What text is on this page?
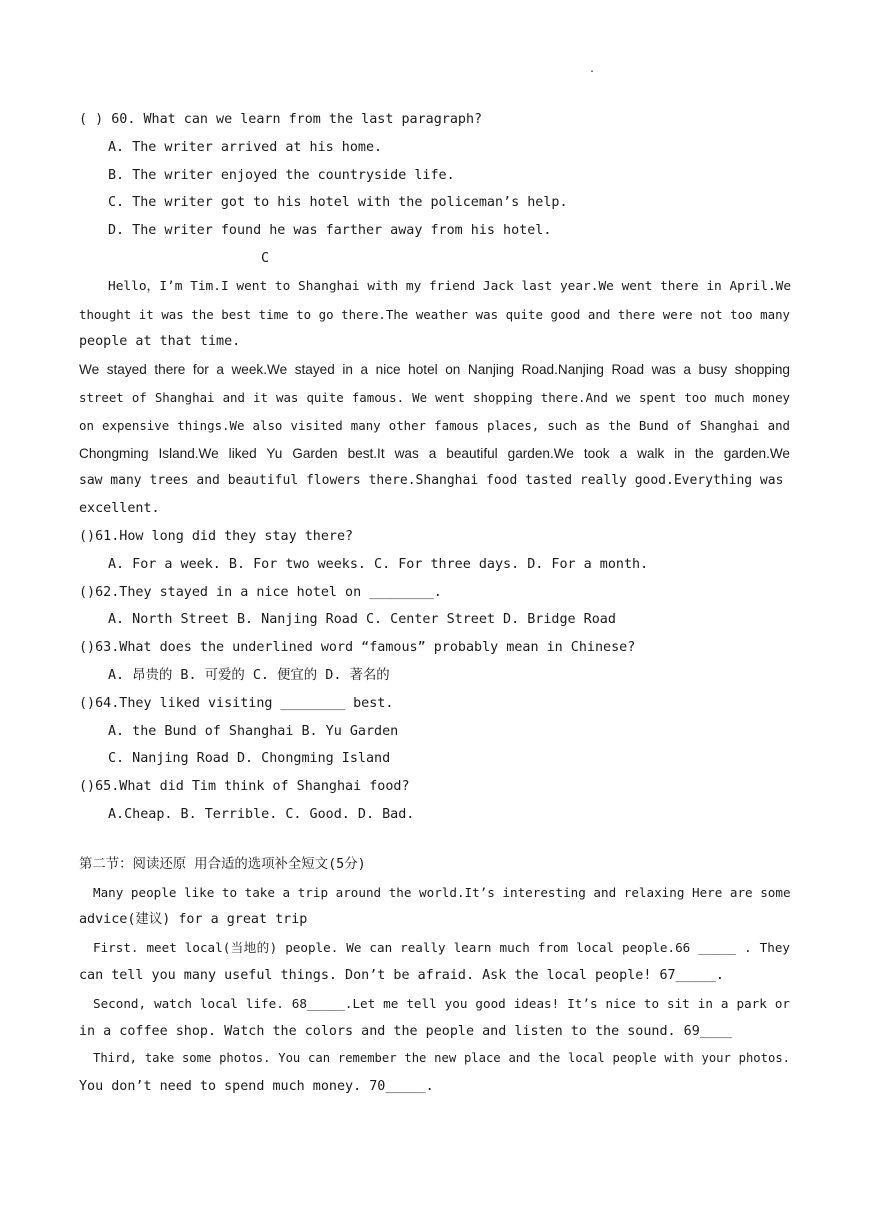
.
( ) 60. What can we learn from the last paragraph?
A. The writer arrived at his home.
B. The writer enjoyed the countryside life.
C. The writer got to his hotel with the policeman’s help.
D. The writer found he was farther away from his hotel.
C
Hello，I’m Tim.I went to Shanghai with my friend Jack last year.We went there in April.We
thought it was the best time to go there.The weather was quite good and there were not too many
people at that time.
We stayed there for a week.We stayed in a nice hotel on Nanjing Road.Nanjing Road was a busy shopping
street of Shanghai and it was quite famous. We went shopping there.And we spent too much money
on expensive things.We also visited many other famous places, such as the Bund of Shanghai and
Chongming Island.We liked Yu Garden best.It was a beautiful garden.We took a walk in the garden.We
saw many trees and beautiful flowers there.Shanghai food tasted really good.Everything was
excellent.
()61.How long did they stay there?
A. For a week. B. For two weeks. C. For three days. D. For a month.
()62.They stayed in a nice hotel on ________.
A. North Street B. Nanjing Road C. Center Street D. Bridge Road
()63.What does the underlined word “famous” probably mean in Chinese?
A. 昂贵的 B. 可爱的 C. 便宜的 D. 著名的
()64.They liked visiting ________ best.
A. the Bund of Shanghai B. Yu Garden
C. Nanjing Road D. Chongming Island
()65.What did Tim think of Shanghai food?
A.Cheap. B. Terrible. C. Good. D. Bad.
第二节：阅读还原 用合适的选项补全短文(5分)
Many people like to take a trip around the world.It’s interesting and relaxing Here are some
advice(建议) for a great trip
First. meet local(当地的) people. We can really learn much from local people.66 _____ . They
can tell you many useful things. Don’t be afraid. Ask the local people! 67_____.
Second, watch local life. 68_____.Let me tell you good ideas! It’s nice to sit in a park or
in a coffee shop. Watch the colors and the people and listen to the sound. 69____
Third, take some photos. You can remember the new place and the local people with your photos.
You don’t need to spend much money. 70_____.
